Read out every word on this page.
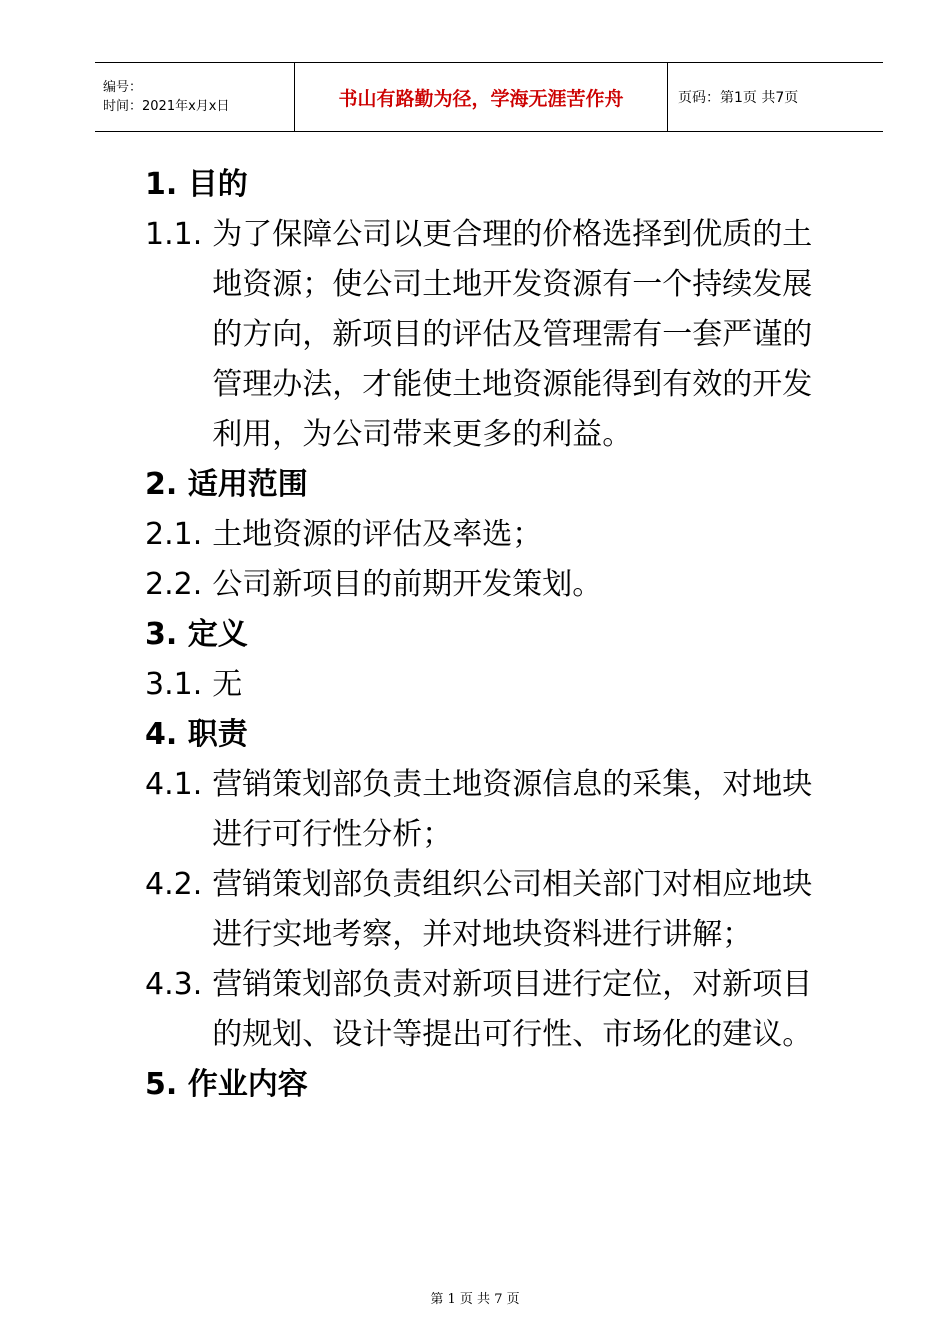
编号：
时间：2021年x月x日	书山有路勤为径，学海无涯苦作舟	页码：第1页 共7页
1. 目的
1.1. 为了保障公司以更合理的价格选择到优质的土地资源；使公司土地开发资源有一个持续发展的方向，新项目的评估及管理需有一套严谨的管理办法，才能使土地资源能得到有效的开发利用，为公司带来更多的利益。
2. 适用范围
2.1. 土地资源的评估及率选；
2.2. 公司新项目的前期开发策划。
3. 定义
3.1. 无
4. 职责
4.1. 营销策划部负责土地资源信息的采集，对地块进行可行性分析；
4.2. 营销策划部负责组织公司相关部门对相应地块进行实地考察，并对地块资料进行讲解；
4.3. 营销策划部负责对新项目进行定位，对新项目的规划、设计等提出可行性、市场化的建议。
5. 作业内容
第 1 页 共 7 页
